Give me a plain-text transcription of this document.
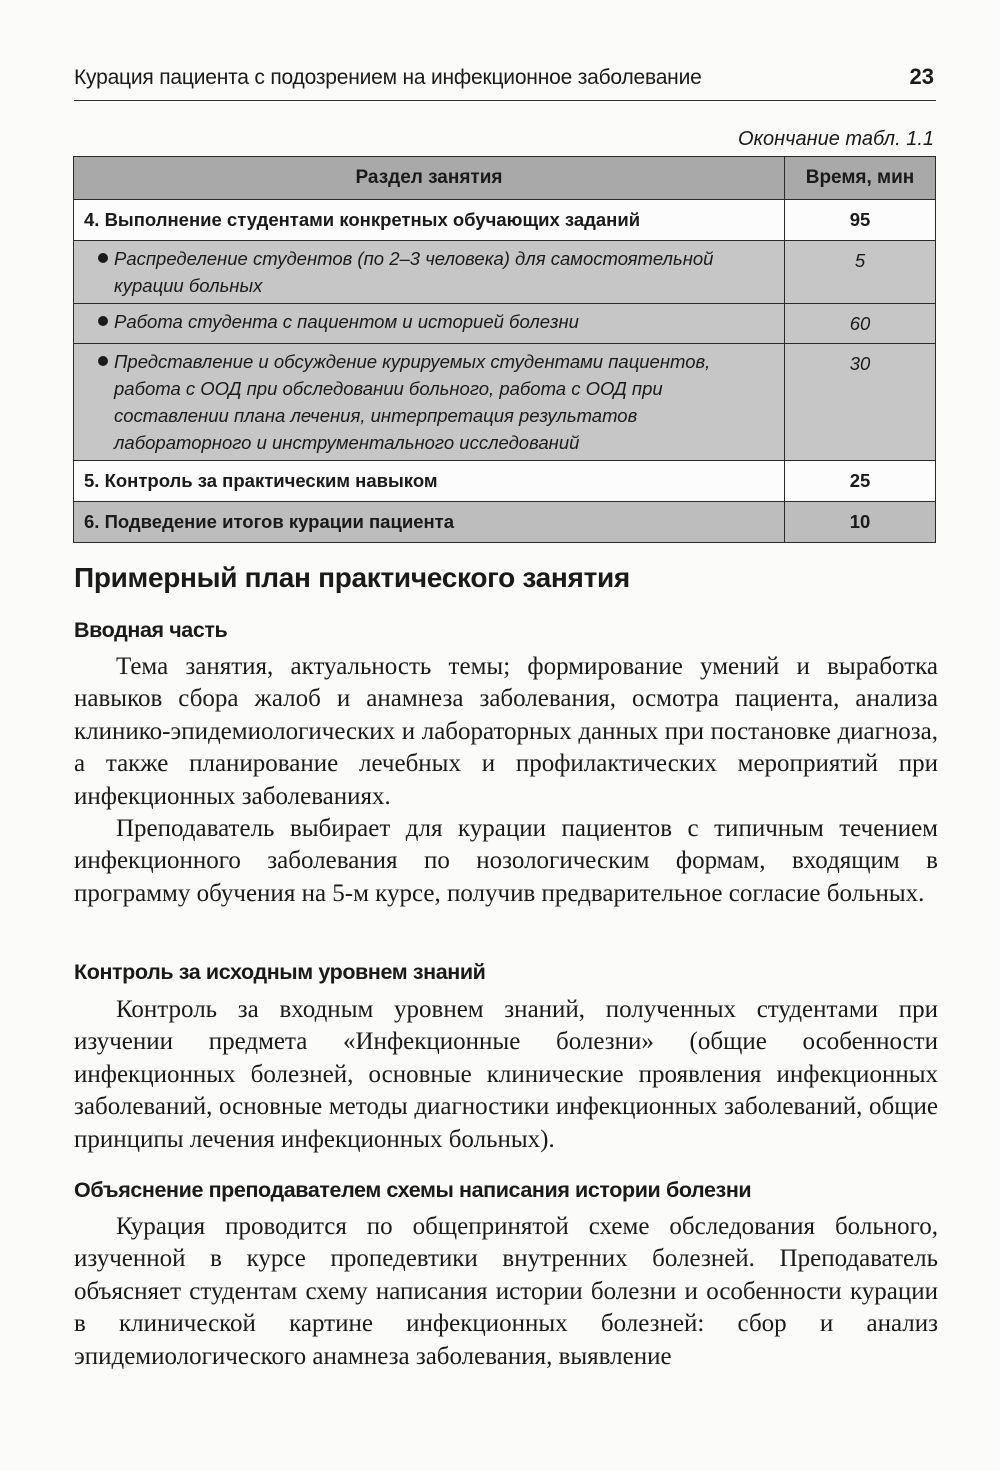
Курация пациента с подозрением на инфекционное заболевание	23
Окончание табл. 1.1
Раздел занятия	Время, мин
4. Выполнение студентами конкретных обучающих заданий	95

Распределение студентов (по 2–3 человека) для самостоятельной курации больных	5

Работа студента с пациентом и историей болезни	60

Представление и обсуждение курируемых студентами пациентов, работа с ООД при обследовании больного, работа с ООД при составлении плана лечения, интерпретация результатов лабораторного и инструментального исследований	30
5. Контроль за практическим навыком	25
6. Подведение итогов курации пациента	10
Примерный план практического занятия
Вводная часть

Тема занятия, актуальность темы; формирование умений и выработка навыков сбора жалоб и анамнеза заболевания, осмотра пациента, анализа клинико-эпидемиологических и лабораторных данных при постановке диагноза, а также планирование лечебных и профилактических мероприятий при инфекционных заболеваниях.

Преподаватель выбирает для курации пациентов с типичным течением инфекционного заболевания по нозологическим формам, входящим в программу обучения на 5-м курсе, получив предварительное согласие больных.

Контроль за исходным уровнем знаний

Контроль за входным уровнем знаний, полученных студентами при изучении предмета «Инфекционные болезни» (общие особенности инфекционных болезней, основные клинические проявления инфекционных заболеваний, основные методы диагностики инфекционных заболеваний, общие принципы лечения инфекционных больных).

Объяснение преподавателем схемы написания истории болезни

Курация проводится по общепринятой схеме обследования больного, изученной в курсе пропедевтики внутренних болезней. Преподаватель объясняет студентам схему написания истории болезни и особенности курации в клинической картине инфекционных болезней: сбор и анализ эпидемиологического анамнеза заболевания, выявление
